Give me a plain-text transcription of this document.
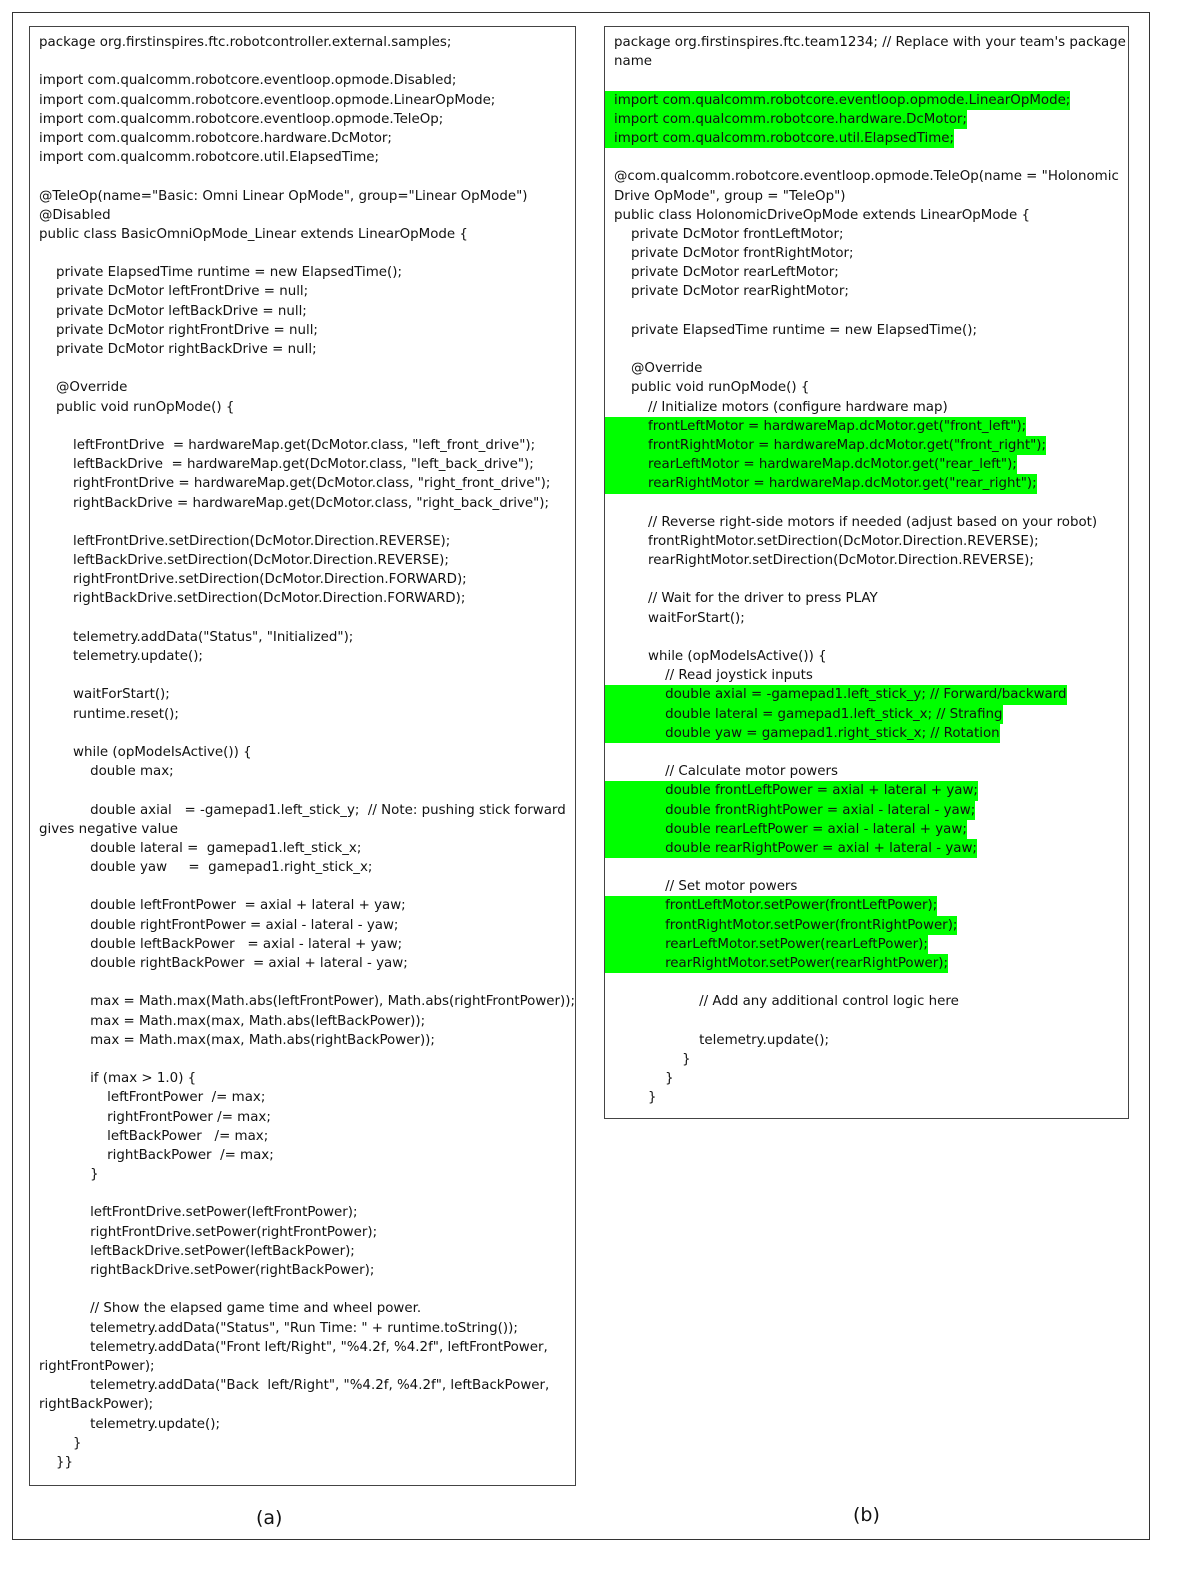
package org.firstinspires.ftc.robotcontroller.external.samples;
import com.qualcomm.robotcore.eventloop.opmode.Disabled;
import com.qualcomm.robotcore.eventloop.opmode.LinearOpMode;
import com.qualcomm.robotcore.eventloop.opmode.TeleOp;
import com.qualcomm.robotcore.hardware.DcMotor;
import com.qualcomm.robotcore.util.ElapsedTime;
@TeleOp(name="Basic: Omni Linear OpMode", group="Linear OpMode")
@Disabled
public class BasicOmniOpMode_Linear extends LinearOpMode {
private ElapsedTime runtime = new ElapsedTime();
private DcMotor leftFrontDrive = null;
private DcMotor leftBackDrive = null;
private DcMotor rightFrontDrive = null;
private DcMotor rightBackDrive = null;
@Override
public void runOpMode() {
leftFrontDrive  = hardwareMap.get(DcMotor.class, "left_front_drive");
leftBackDrive  = hardwareMap.get(DcMotor.class, "left_back_drive");
rightFrontDrive = hardwareMap.get(DcMotor.class, "right_front_drive");
rightBackDrive = hardwareMap.get(DcMotor.class, "right_back_drive");
leftFrontDrive.setDirection(DcMotor.Direction.REVERSE);
leftBackDrive.setDirection(DcMotor.Direction.REVERSE);
rightFrontDrive.setDirection(DcMotor.Direction.FORWARD);
rightBackDrive.setDirection(DcMotor.Direction.FORWARD);
telemetry.addData("Status", "Initialized");
telemetry.update();
waitForStart();
runtime.reset();
while (opModeIsActive()) {
double max;
double axial   = -gamepad1.left_stick_y;  // Note: pushing stick forward
gives negative value
double lateral =  gamepad1.left_stick_x;
double yaw     =  gamepad1.right_stick_x;
double leftFrontPower  = axial + lateral + yaw;
double rightFrontPower = axial - lateral - yaw;
double leftBackPower   = axial - lateral + yaw;
double rightBackPower  = axial + lateral - yaw;
max = Math.max(Math.abs(leftFrontPower), Math.abs(rightFrontPower));
max = Math.max(max, Math.abs(leftBackPower));
max = Math.max(max, Math.abs(rightBackPower));
if (max > 1.0) {
leftFrontPower  /= max;
rightFrontPower /= max;
leftBackPower   /= max;
rightBackPower  /= max;
}
leftFrontDrive.setPower(leftFrontPower);
rightFrontDrive.setPower(rightFrontPower);
leftBackDrive.setPower(leftBackPower);
rightBackDrive.setPower(rightBackPower);
// Show the elapsed game time and wheel power.
telemetry.addData("Status", "Run Time: " + runtime.toString());
telemetry.addData("Front left/Right", "%4.2f, %4.2f", leftFrontPower,
rightFrontPower);
telemetry.addData("Back  left/Right", "%4.2f, %4.2f", leftBackPower,
rightBackPower);
telemetry.update();
}
}}
package org.firstinspires.ftc.team1234; // Replace with your team's package
name
import com.qualcomm.robotcore.eventloop.opmode.LinearOpMode;
import com.qualcomm.robotcore.hardware.DcMotor;
import com.qualcomm.robotcore.util.ElapsedTime;
@com.qualcomm.robotcore.eventloop.opmode.TeleOp(name = "Holonomic
Drive OpMode", group = "TeleOp")
public class HolonomicDriveOpMode extends LinearOpMode {
private DcMotor frontLeftMotor;
private DcMotor frontRightMotor;
private DcMotor rearLeftMotor;
private DcMotor rearRightMotor;
private ElapsedTime runtime = new ElapsedTime();
@Override
public void runOpMode() {
// Initialize motors (configure hardware map)
frontLeftMotor = hardwareMap.dcMotor.get("front_left");
frontRightMotor = hardwareMap.dcMotor.get("front_right");
rearLeftMotor = hardwareMap.dcMotor.get("rear_left");
rearRightMotor = hardwareMap.dcMotor.get("rear_right");
// Reverse right-side motors if needed (adjust based on your robot)
frontRightMotor.setDirection(DcMotor.Direction.REVERSE);
rearRightMotor.setDirection(DcMotor.Direction.REVERSE);
// Wait for the driver to press PLAY
waitForStart();
while (opModeIsActive()) {
// Read joystick inputs
double axial = -gamepad1.left_stick_y; // Forward/backward
double lateral = gamepad1.left_stick_x; // Strafing
double yaw = gamepad1.right_stick_x; // Rotation
// Calculate motor powers
double frontLeftPower = axial + lateral + yaw;
double frontRightPower = axial - lateral - yaw;
double rearLeftPower = axial - lateral + yaw;
double rearRightPower = axial + lateral - yaw;
// Set motor powers
frontLeftMotor.setPower(frontLeftPower);
frontRightMotor.setPower(frontRightPower);
rearLeftMotor.setPower(rearLeftPower);
rearRightMotor.setPower(rearRightPower);
// Add any additional control logic here
telemetry.update();
}
}
}
(a)	(b)
